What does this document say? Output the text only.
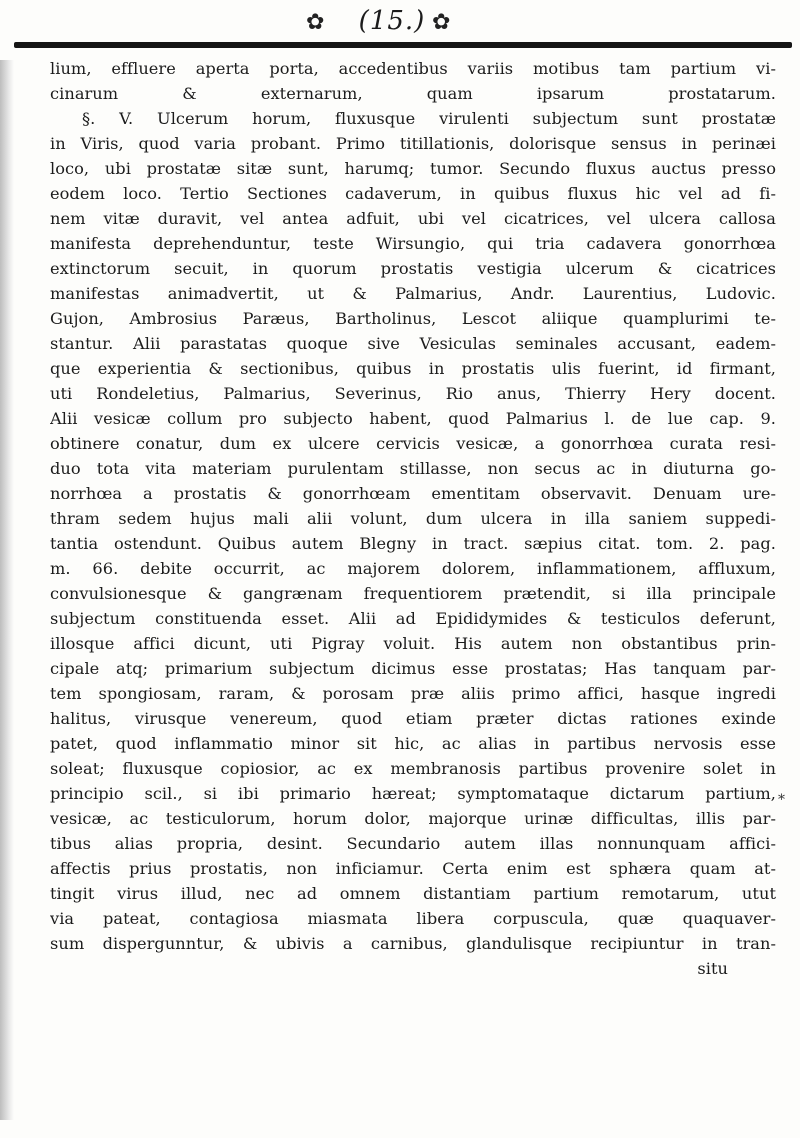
✿ (15.) ✿
lium, effluere aperta porta, accedentibus variis motibus tam partium vi-
cinarum & externarum, quam ipsarum prostatarum.
§. V. Ulcerum horum, fluxusque virulenti subjectum sunt prostatæ
in Viris, quod varia probant. Primo titillationis, dolorisque sensus in perinæi
loco, ubi prostatæ sitæ sunt, harumq; tumor. Secundo fluxus auctus presso
eodem loco. Tertio Sectiones cadaverum, in quibus fluxus hic vel ad fi-
nem vitæ duravit, vel antea adfuit, ubi vel cicatrices, vel ulcera callosa
manifesta deprehenduntur, teste Wirsungio, qui tria cadavera gonorrhœa
extinctorum secuit, in quorum prostatis vestigia ulcerum & cicatrices
manifestas animadvertit, ut & Palmarius, Andr. Laurentius, Ludovic.
Gujon, Ambrosius Paræus, Bartholinus, Lescot aliique quamplurimi te-
stantur. Alii parastatas quoque sive Vesiculas seminales accusant, eadem-
que experientia & sectionibus, quibus in prostatis ulis fuerint, id firmant,
uti Rondeletius, Palmarius, Severinus, Rio anus, Thierry Hery docent.
Alii vesicæ collum pro subjecto habent, quod Palmarius l. de lue cap. 9.
obtinere conatur, dum ex ulcere cervicis vesicæ, a gonorrhœa curata resi-
duo tota vita materiam purulentam stillasse, non secus ac in diuturna go-
norrhœa a prostatis & gonorrhœam ementitam observavit. Denuam ure-
thram sedem hujus mali alii volunt, dum ulcera in illa saniem suppedi-
tantia ostendunt. Quibus autem Blegny in tract. sæpius citat. tom. 2. pag.
m. 66. debite occurrit, ac majorem dolorem, inflammationem, affluxum,
convulsionesque & gangrænam frequentiorem prætendit, si illa principale
subjectum constituenda esset. Alii ad Epididymides & testiculos deferunt,
illosque affici dicunt, uti Pigray voluit. His autem non obstantibus prin-
cipale atq; primarium subjectum dicimus esse prostatas; Has tanquam par-
tem spongiosam, raram, & porosam præ aliis primo affici, hasque ingredi
halitus, virusque venereum, quod etiam præter dictas rationes exinde
patet, quod inflammatio minor sit hic, ac alias in partibus nervosis esse
soleat; fluxusque copiosior, ac ex membranosis partibus provenire solet in
principio scil., si ibi primario hæreat; symptomataque dictarum partium,
vesicæ, ac testiculorum, horum dolor, majorque urinæ difficultas, illis par-
tibus alias propria, desint. Secundario autem illas nonnunquam affici-
affectis prius prostatis, non inficiamur. Certa enim est sphæra quam at-
tingit virus illud, nec ad omnem distantiam partium remotarum, utut
via pateat, contagiosa miasmata libera corpuscula, quæ quaquaver-
sum dispergunntur, & ubivis a carnibus, glandulisque recipiuntur in tran-
situ
*
